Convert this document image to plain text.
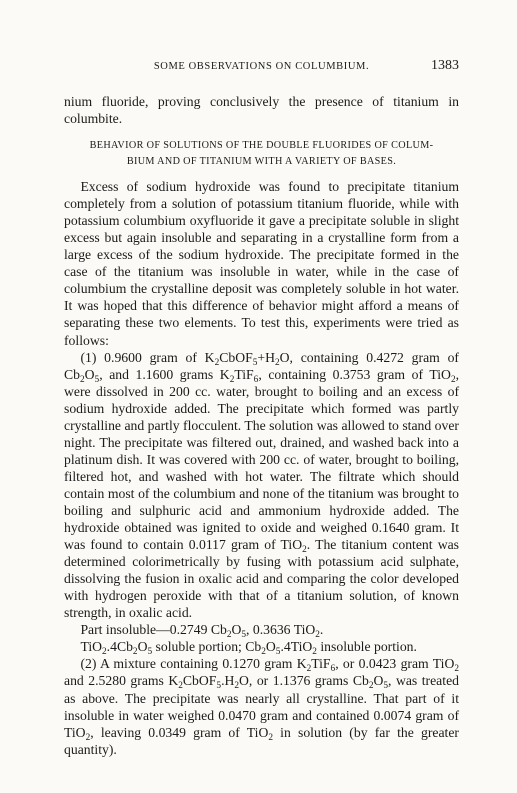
SOME OBSERVATIONS ON COLUMBIUM.	1383

nium fluoride, proving conclusively the presence of titanium in columbite.

BEHAVIOR OF SOLUTIONS OF THE DOUBLE FLUORIDES OF COLUM-
BIUM AND OF TITANIUM WITH A VARIETY OF BASES.

Excess of sodium hydroxide was found to precipitate titanium completely from a solution of potassium titanium fluoride, while with potassium columbium oxyfluoride it gave a precipitate soluble in slight excess but again insoluble and separating in a crystalline form from a large excess of the sodium hydroxide. The precipitate formed in the case of the titanium was insoluble in water, while in the case of columbium the crystalline deposit was completely soluble in hot water. It was hoped that this difference of behavior might afford a means of separating these two elements. To test this, experiments were tried as follows:

(1) 0.9600 gram of $K_2CbOF_5+H_2O$, containing 0.4272 gram of $Cb_2O_5$, and 1.1600 grams $K_2TiF_6$, containing 0.3753 gram of TiO$_2$, were dissolved in 200 cc. water, brought to boiling and an excess of sodium hydroxide added. The precipitate which formed was partly crystalline and partly flocculent. The solution was allowed to stand over night. The precipitate was filtered out, drained, and washed back into a platinum dish. It was covered with 200 cc. of water, brought to boiling, filtered hot, and washed with hot water. The filtrate which should contain most of the columbium and none of the titanium was brought to boiling and sulphuric acid and ammonium hydroxide added. The hydroxide obtained was ignited to oxide and weighed 0.1640 gram. It was found to contain 0.0117 gram of TiO$_2$. The titanium content was determined colorimetrically by fusing with potassium acid sulphate, dissolving the fusion in oxalic acid and comparing the color developed with hydrogen peroxide with that of a titanium solution, of known strength, in oxalic acid.

Part insoluble—0.2749 $Cb_2O_5$, 0.3636 TiO$_2$.

$TiO_2.4Cb_2O_5$ soluble portion; $Cb_2O_5.4TiO_2$ insoluble portion.

(2) A mixture containing 0.1270 gram $K_2TiF_6$, or 0.0423 gram TiO$_2$ and 2.5280 grams $K_2CbOF_5.H_2O$, or 1.1376 grams $Cb_2O_5$, was treated as above. The precipitate was nearly all crystalline. That part of it insoluble in water weighed 0.0470 gram and contained 0.0074 gram of TiO$_2$, leaving 0.0349 gram of TiO$_2$ in solution (by far the greater quantity).
